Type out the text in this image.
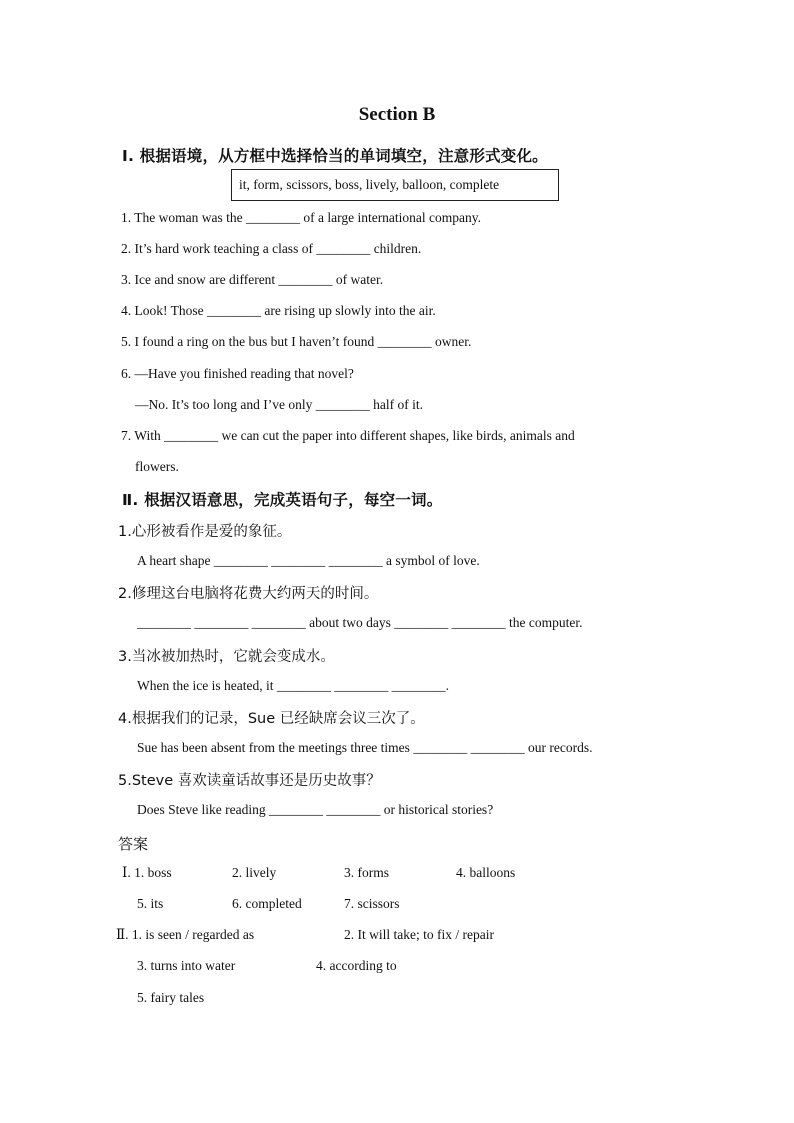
Section B
Ⅰ. 根据语境，从方框中选择恰当的单词填空，注意形式变化。
it, form, scissors, boss, lively, balloon, complete
1. The woman was the ________ of a large international company.
2. It’s hard work teaching a class of ________ children.
3. Ice and snow are different ________ of water.
4. Look! Those ________ are rising up slowly into the air.
5. I found a ring on the bus but I haven’t found ________ owner.
6. —Have you finished reading that novel?
—No. It’s too long and I’ve only ________ half of it.
7. With ________ we can cut the paper into different shapes, like birds, animals and
flowers.
Ⅱ. 根据汉语意思，完成英语句子，每空一词。
1.心形被看作是爱的象征。
A heart shape ________ ________ ________ a symbol of love.
2.修理这台电脑将花费大约两天的时间。
________ ________ ________ about two days ________ ________ the computer.
3.当冰被加热时，它就会变成水。
When the ice is heated, it ________ ________ ________.
4.根据我们的记录，Sue 已经缺席会议三次了。
Sue has been absent from the meetings three times ________ ________ our records.
5.Steve 喜欢读童话故事还是历史故事？
Does Steve like reading ________ ________ or historical stories?
答案
Ⅰ. 1. boss	2. lively	3. forms	4. balloons
5. its	6. completed	7. scissors
Ⅱ. 1. is seen / regarded as	2. It will take; to fix / repair
3. turns into water	4. according to
5. fairy tales
